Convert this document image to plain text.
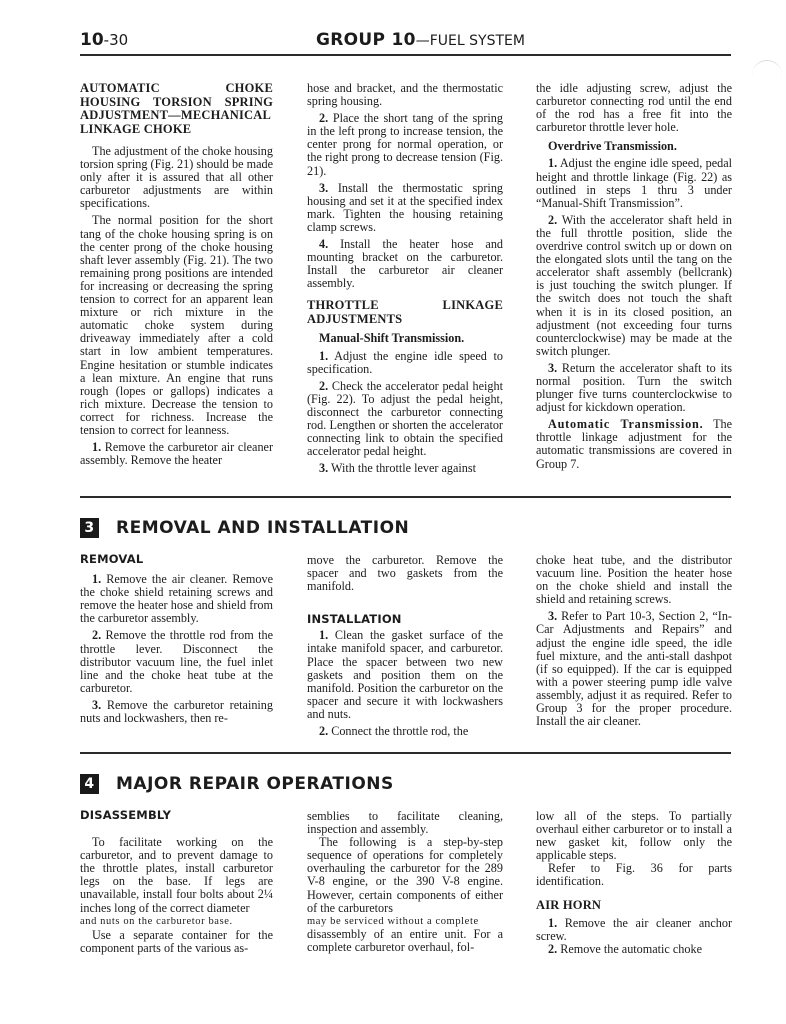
10-30	GROUP 10—FUEL SYSTEM
AUTOMATIC CHOKE HOUSING TORSION SPRING ADJUSTMENT—MECHANICAL LINKAGE CHOKE

The adjustment of the choke housing torsion spring (Fig. 21) should be made only after it is assured that all other carburetor adjustments are within specifications.

The normal position for the short tang of the choke housing spring is on the center prong of the choke housing shaft lever assembly (Fig. 21). The two remaining prong positions are intended for increasing or decreasing the spring tension to correct for an apparent lean mixture or rich mixture in the automatic choke system during driveaway immediately after a cold start in low ambient temperatures. Engine hesitation or stumble indicates a lean mixture. An engine that runs rough (lopes or gallops) indicates a rich mixture. Decrease the tension to correct for richness. Increase the tension to correct for leanness.

1. Remove the carburetor air cleaner assembly. Remove the heater

hose and bracket, and the thermostatic spring housing.

2. Place the short tang of the spring in the left prong to increase tension, the center prong for normal operation, or the right prong to decrease tension (Fig. 21).

3. Install the thermostatic spring housing and set it at the specified index mark. Tighten the housing retaining clamp screws.

4. Install the heater hose and mounting bracket on the carburetor. Install the carburetor air cleaner assembly.

THROTTLE LINKAGE ADJUSTMENTS
Manual-Shift Transmission.

1. Adjust the engine idle speed to specification.

2. Check the accelerator pedal height (Fig. 22). To adjust the pedal height, disconnect the carburetor connecting rod. Lengthen or shorten the accelerator connecting link to obtain the specified accelerator pedal height.

3. With the throttle lever against

the idle adjusting screw, adjust the carburetor connecting rod until the end of the rod has a free fit into the carburetor throttle lever hole.

Overdrive Transmission.

1. Adjust the engine idle speed, pedal height and throttle linkage (Fig. 22) as outlined in steps 1 thru 3 under “Manual-Shift Transmission”.

2. With the accelerator shaft held in the full throttle position, slide the overdrive control switch up or down on the elongated slots until the tang on the accelerator shaft assembly (bellcrank) is just touching the switch plunger. If the switch does not touch the shaft when it is in its closed position, an adjustment (not exceeding four turns counterclockwise) may be made at the switch plunger.

3. Return the accelerator shaft to its normal position. Turn the switch plunger five turns counterclockwise to adjust for kickdown operation.

Automatic Transmission. The throttle linkage adjustment for the automatic transmissions are covered in Group 7.

3 REMOVAL AND INSTALLATION
REMOVAL

1. Remove the air cleaner. Remove the choke shield retaining screws and remove the heater hose and shield from the carburetor assembly.

2. Remove the throttle rod from the throttle lever. Disconnect the distributor vacuum line, the fuel inlet line and the choke heat tube at the carburetor.

3. Remove the carburetor retaining nuts and lockwashers, then re-

move the carburetor. Remove the spacer and two gaskets from the manifold.

INSTALLATION

1. Clean the gasket surface of the intake manifold spacer, and carburetor. Place the spacer between two new gaskets and position them on the manifold. Position the carburetor on the spacer and secure it with lockwashers and nuts.

2. Connect the throttle rod, the

choke heat tube, and the distributor vacuum line. Position the heater hose on the choke shield and install the shield and retaining screws.

3. Refer to Part 10-3, Section 2, “In-Car Adjustments and Repairs” and adjust the engine idle speed, the idle fuel mixture, and the anti-stall dashpot (if so equipped). If the car is equipped with a power steering pump idle valve assembly, adjust it as required. Refer to Group 3 for the proper procedure. Install the air cleaner.

4 MAJOR REPAIR OPERATIONS
DISASSEMBLY

To facilitate working on the carburetor, and to prevent damage to the throttle plates, install carburetor legs on the base. If legs are unavailable, install four bolts about 2¼ inches long of the correct diameter

and nuts on the carburetor base.

Use a separate container for the component parts of the various as-

semblies to facilitate cleaning, inspection and assembly.

The following is a step-by-step sequence of operations for completely overhauling the carburetor for the 289 V-8 engine, or the 390 V-8 engine. However, certain components of either of the carburetors

may be serviced without a complete

disassembly of an entire unit. For a complete carburetor overhaul, fol-

low all of the steps. To partially overhaul either carburetor or to install a new gasket kit, follow only the applicable steps.

Refer to Fig. 36 for parts identification.

AIR HORN

1. Remove the air cleaner anchor screw.

2. Remove the automatic choke
